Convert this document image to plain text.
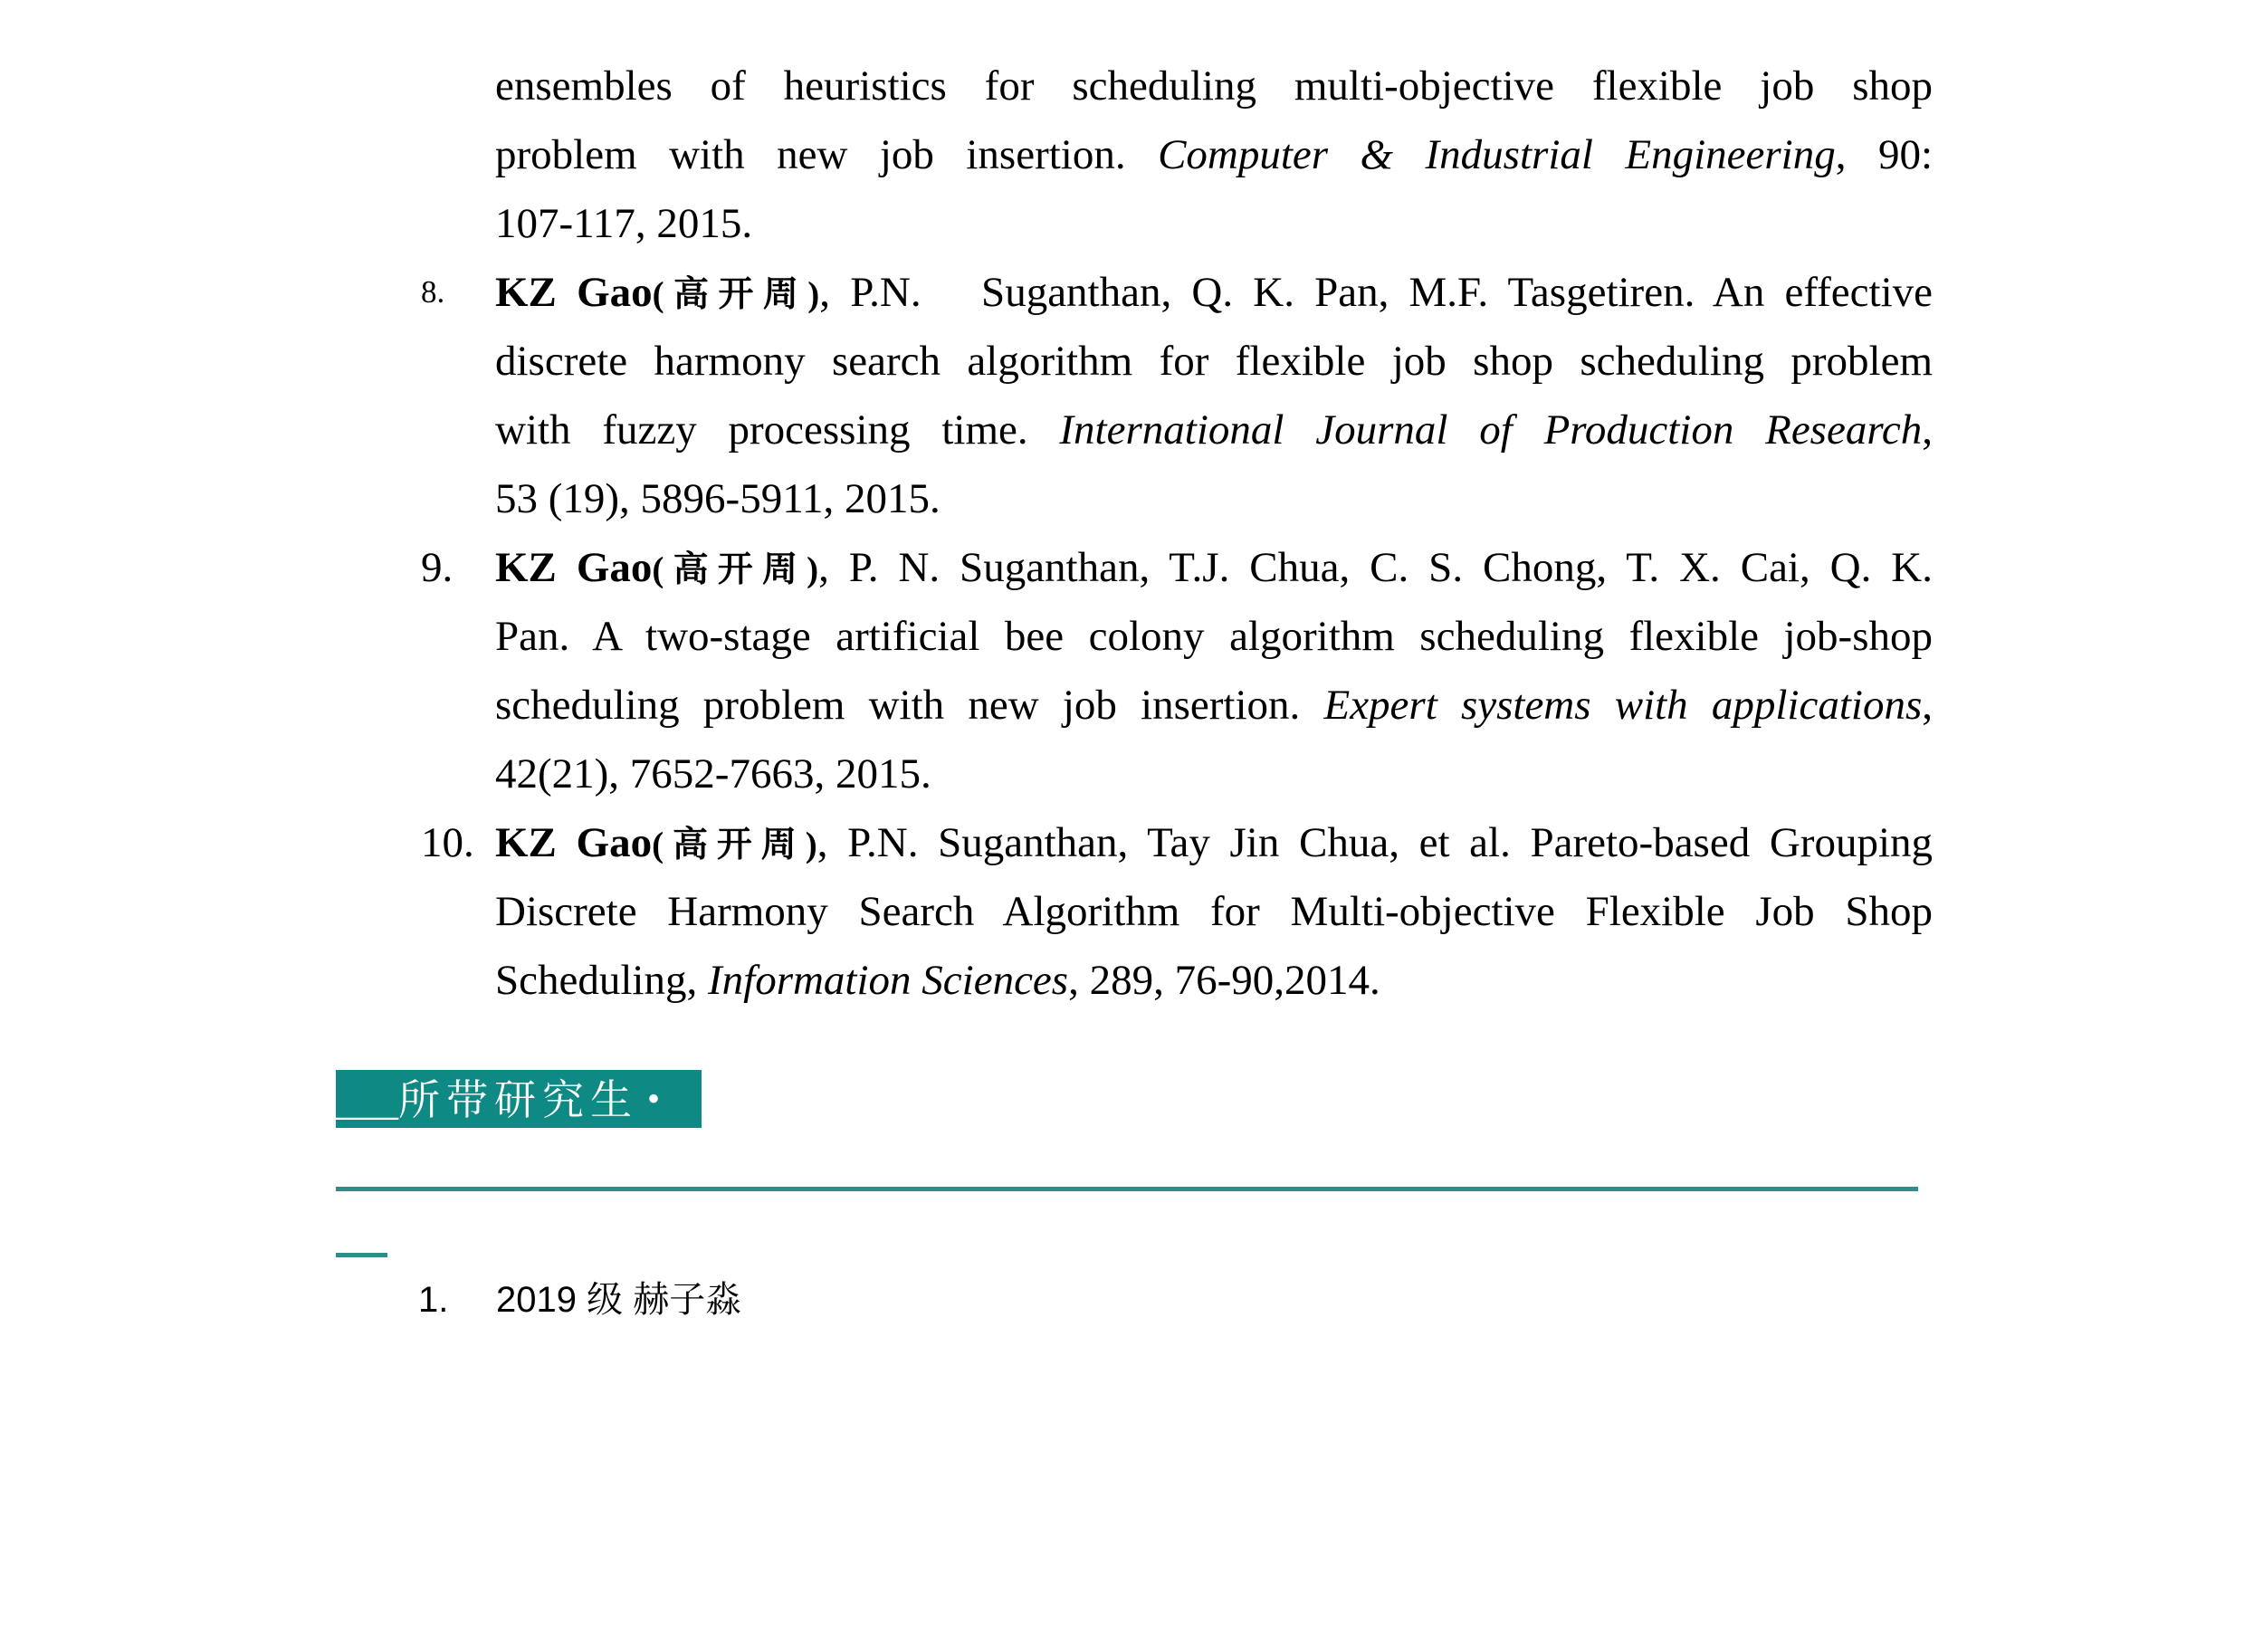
ensembles of heuristics for scheduling multi-objective flexible job shop
problem with new job insertion. Computer & Industrial Engineering, 90:
107-117, 2015.
8.	KZ Gao(高开周), P.N.   Suganthan, Q. K. Pan, M.F. Tasgetiren. An effective
discrete harmony search algorithm for flexible job shop scheduling problem
with fuzzy processing time. International Journal of Production Research,
53 (19), 5896-5911, 2015.
9. KZ Gao(高开周), P. N. Suganthan, T.J. Chua, C. S. Chong, T. X. Cai, Q. K.
Pan. A two-stage artificial bee colony algorithm scheduling flexible job-shop
scheduling problem with new job insertion. Expert systems with applications,
42(21), 7652-7663, 2015.
10. KZ Gao(高开周), P.N. Suganthan, Tay Jin Chua, et al. Pareto-based Grouping
Discrete Harmony Search Algorithm for Multi-objective Flexible Job Shop
Scheduling, Information Sciences, 289, 76-90,2014.
___所带研究生 •
1. 2019 级 赫子淼
